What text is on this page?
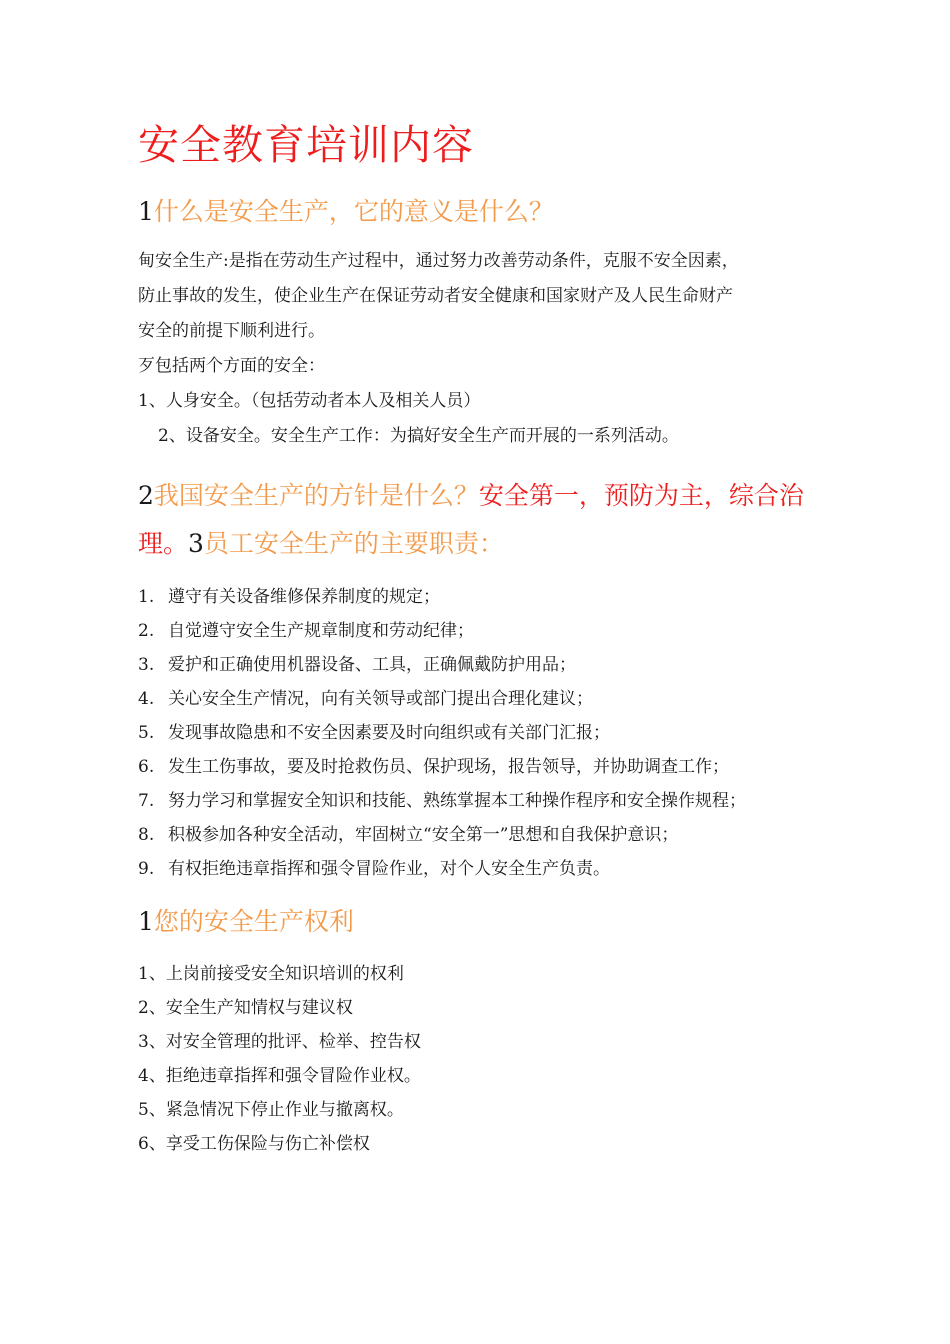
安全教育培训内容
1什么是安全生产，它的意义是什么？
甸安全生产:是指在劳动生产过程中，通过努力改善劳动条件，克服不安全因素，
防止事故的发生，使企业生产在保证劳动者安全健康和国家财产及人民生命财产
安全的前提下顺利进行。
歹包括两个方面的安全：
1、人身安全。（包括劳动者本人及相关人员）
2、设备安全。安全生产工作：为搞好安全生产而开展的一系列活动。
2我国安全生产的方针是什么？安全第一，预防为主，综合治理。3员工安全生产的主要职责：
1. 遵守有关设备维修保养制度的规定；
2. 自觉遵守安全生产规章制度和劳动纪律；
3. 爱护和正确使用机器设备、工具，正确佩戴防护用品；
4. 关心安全生产情况，向有关领导或部门提出合理化建议；
5. 发现事故隐患和不安全因素要及时向组织或有关部门汇报；
6. 发生工伤事故，要及时抢救伤员、保护现场，报告领导，并协助调查工作；
7. 努力学习和掌握安全知识和技能、熟练掌握本工种操作程序和安全操作规程；
8. 积极参加各种安全活动，牢固树立“安全第一”思想和自我保护意识；
9. 有权拒绝违章指挥和强令冒险作业，对个人安全生产负责。
1您的安全生产权利
1、上岗前接受安全知识培训的权利
2、安全生产知情权与建议权
3、对安全管理的批评、检举、控告权
4、拒绝违章指挥和强令冒险作业权。
5、紧急情况下停止作业与撤离权。
6、享受工伤保险与伤亡补偿权
